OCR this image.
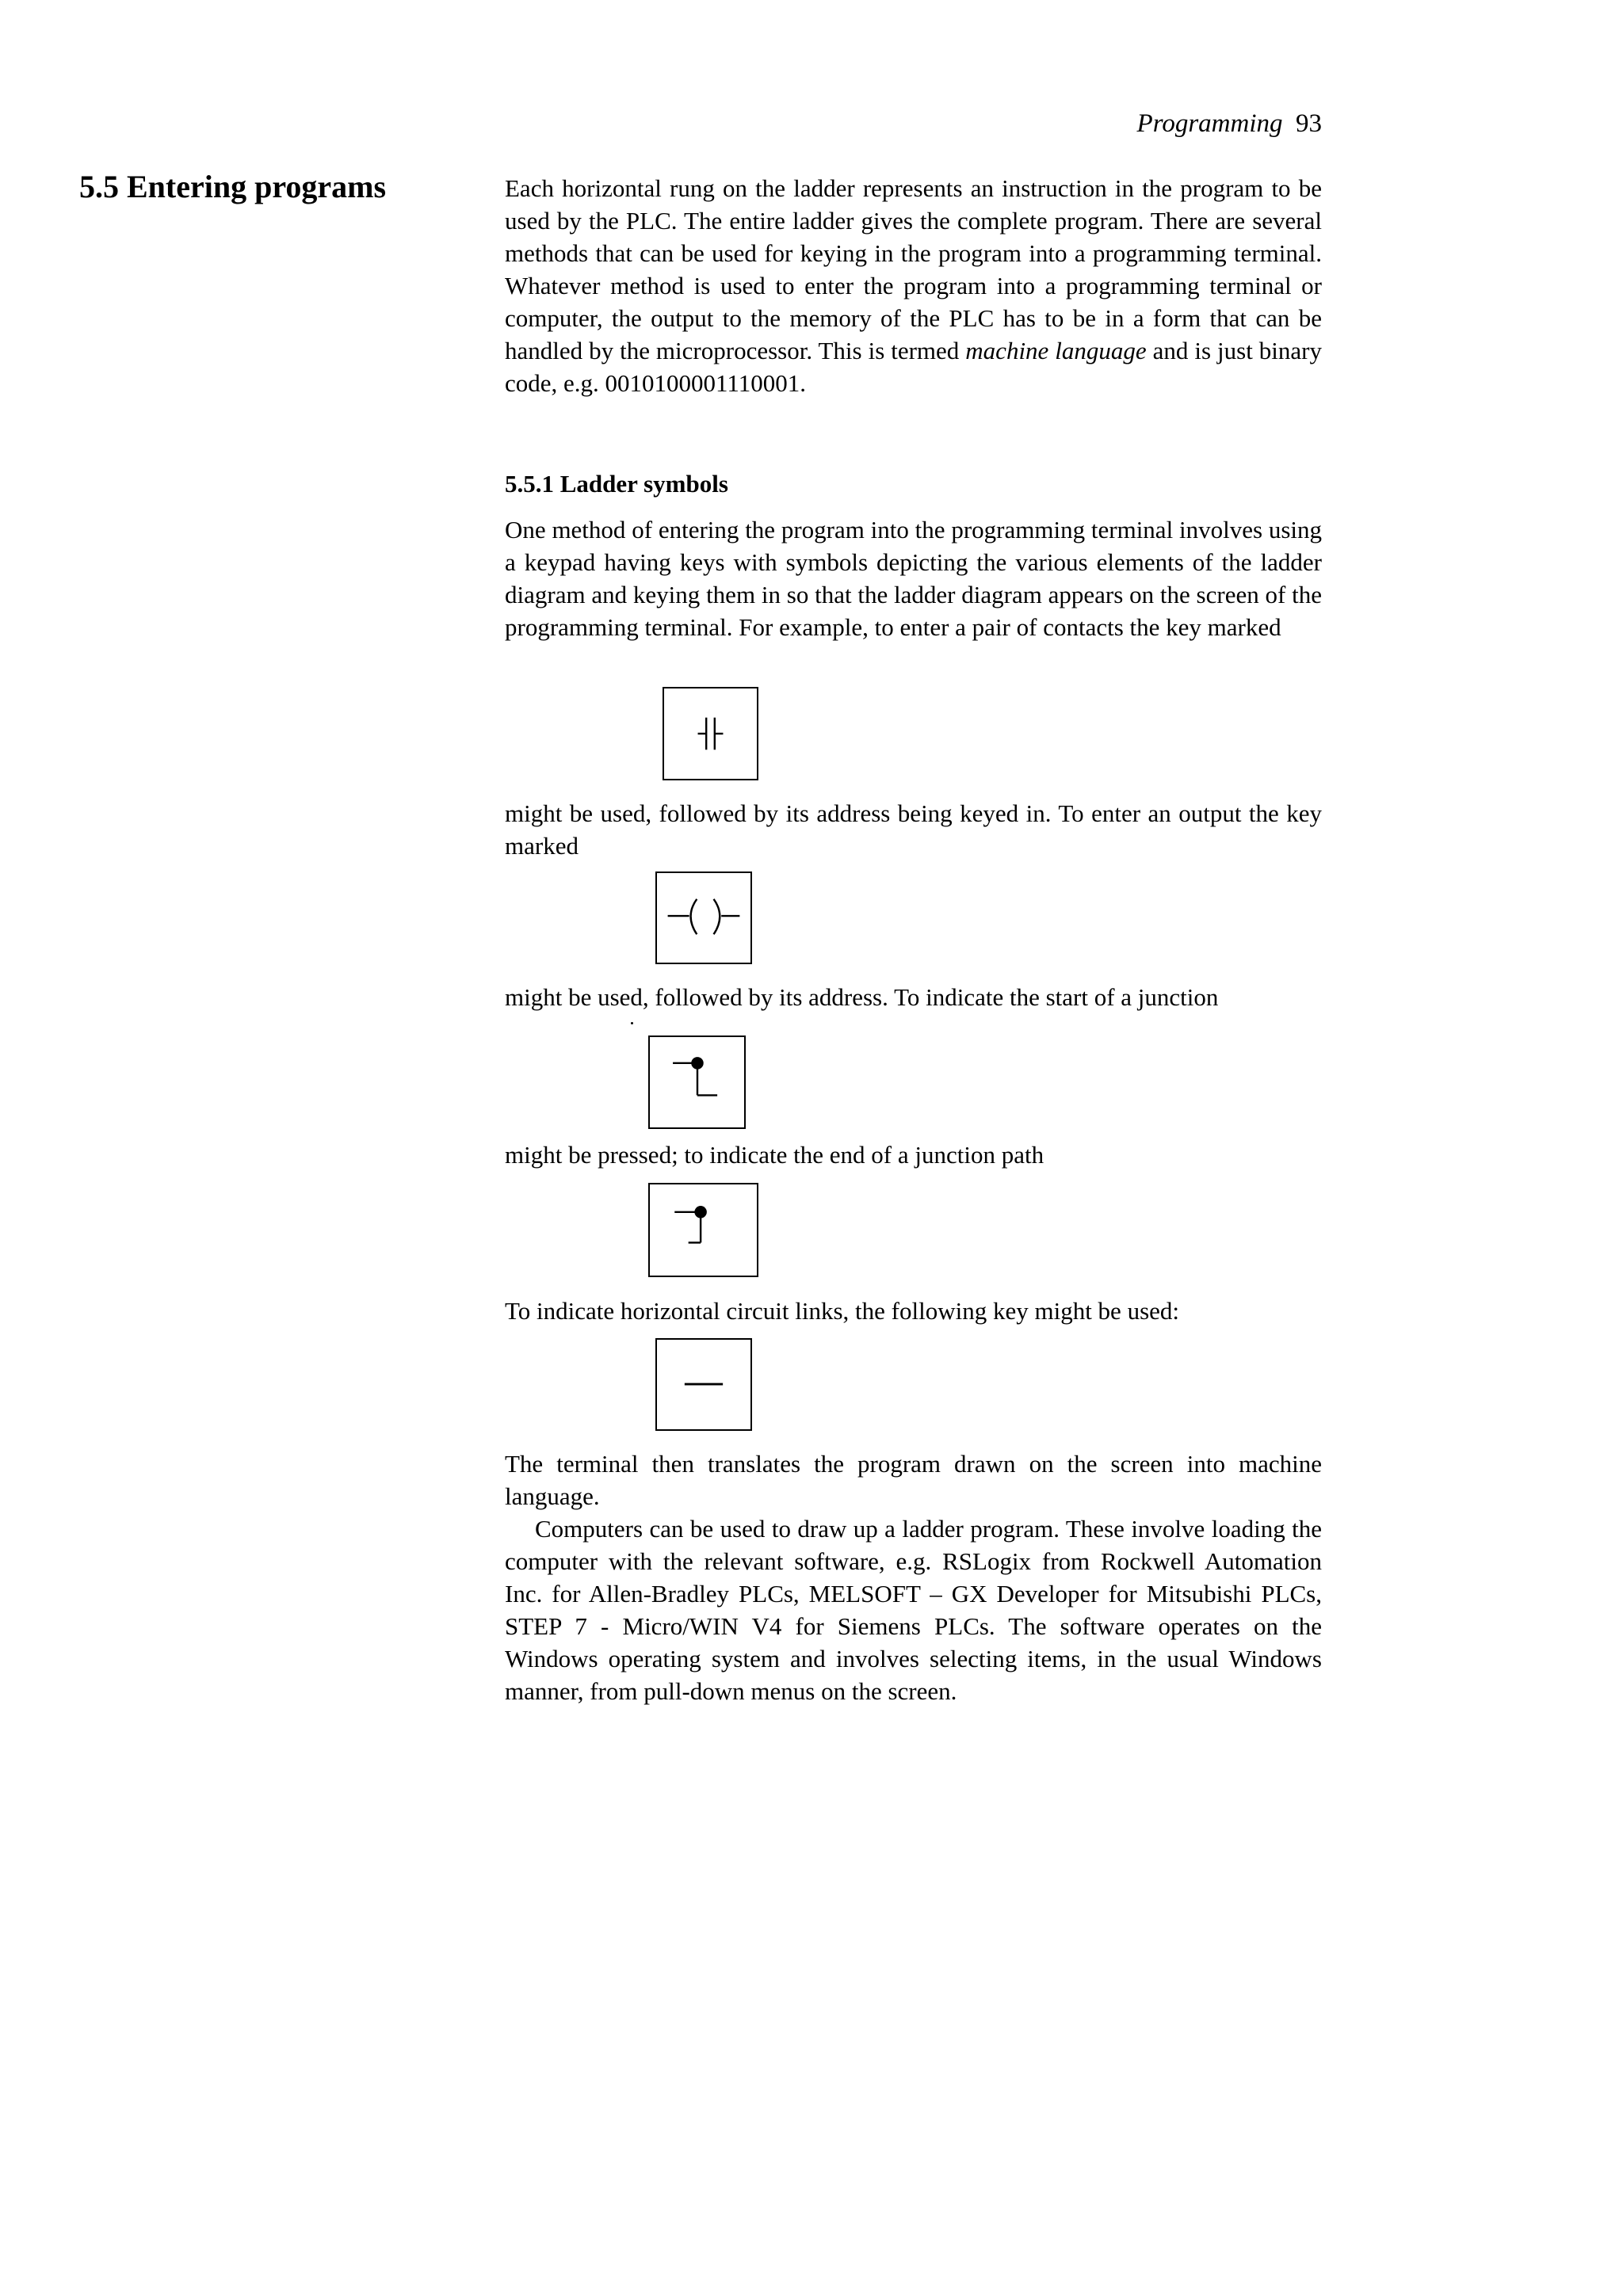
Programming 93
5.5 Entering programs	Each horizontal rung on the ladder represents an instruction in the program to be used by the PLC. The entire ladder gives the complete program. There are several methods that can be used for keying in the program into a programming terminal. Whatever method is used to enter the program into a programming terminal or computer, the output to the memory of the PLC has to be in a form that can be handled by the microprocessor. This is termed machine language and is just binary code, e.g. 0010100001110001.
5.5.1 Ladder symbols
One method of entering the program into the programming terminal involves using a keypad having keys with symbols depicting the various elements of the ladder diagram and keying them in so that the ladder diagram appears on the screen of the programming terminal. For example, to enter a pair of contacts the key marked
might be used, followed by its address being keyed in. To enter an output the key marked
might be used, followed by its address. To indicate the start of a junction
might be pressed; to indicate the end of a junction path
To indicate horizontal circuit links, the following key might be used:
The terminal then translates the program drawn on the screen into machine language.
Computers can be used to draw up a ladder program. These involve loading the computer with the relevant software, e.g. RSLogix from Rockwell Automation Inc. for Allen-Bradley PLCs, MELSOFT – GX Developer for Mitsubishi PLCs, STEP 7 - Micro/WIN V4 for Siemens PLCs. The software operates on the Windows operating system and involves selecting items, in the usual Windows manner, from pull-down menus on the screen.
